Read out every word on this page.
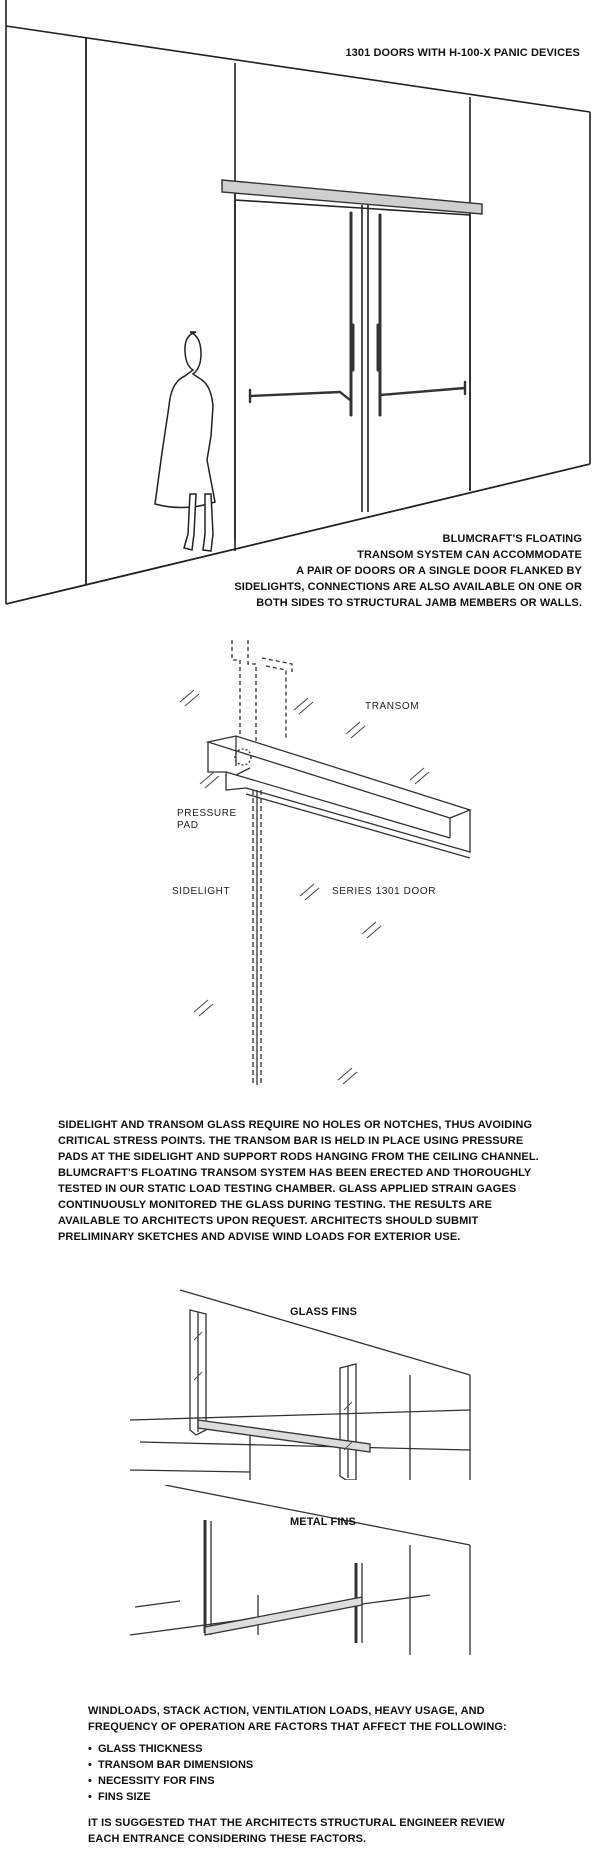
1301 DOORS WITH H-100-X PANIC DEVICES
BLUMCRAFT'S FLOATING
TRANSOM SYSTEM CAN ACCOMMODATE
A PAIR OF DOORS OR A SINGLE DOOR FLANKED BY
SIDELIGHTS, CONNECTIONS ARE ALSO AVAILABLE ON ONE OR
BOTH SIDES TO STRUCTURAL JAMB MEMBERS OR WALLS.
TRANSOM
PRESSURE
PAD
SIDELIGHT	SERIES 1301 DOOR
SIDELIGHT AND TRANSOM GLASS REQUIRE NO HOLES OR NOTCHES, THUS AVOIDING
CRITICAL STRESS POINTS. THE TRANSOM BAR IS HELD IN PLACE USING PRESSURE
PADS AT THE SIDELIGHT AND SUPPORT RODS HANGING FROM THE CEILING CHANNEL.
BLUMCRAFT'S FLOATING TRANSOM SYSTEM HAS BEEN ERECTED AND THOROUGHLY
TESTED IN OUR STATIC LOAD TESTING CHAMBER. GLASS APPLIED STRAIN GAGES
CONTINUOUSLY MONITORED THE GLASS DURING TESTING. THE RESULTS ARE
AVAILABLE TO ARCHITECTS UPON REQUEST. ARCHITECTS SHOULD SUBMIT
PRELIMINARY SKETCHES AND ADVISE WIND LOADS FOR EXTERIOR USE.
GLASS FINS
METAL FINS
WINDLOADS, STACK ACTION, VENTILATION LOADS, HEAVY USAGE, AND
FREQUENCY OF OPERATION ARE FACTORS THAT AFFECT THE FOLLOWING:
• GLASS THICKNESS
• TRANSOM BAR DIMENSIONS
• NECESSITY FOR FINS
• FINS SIZE
IT IS SUGGESTED THAT THE ARCHITECTS STRUCTURAL ENGINEER REVIEW
EACH ENTRANCE CONSIDERING THESE FACTORS.
